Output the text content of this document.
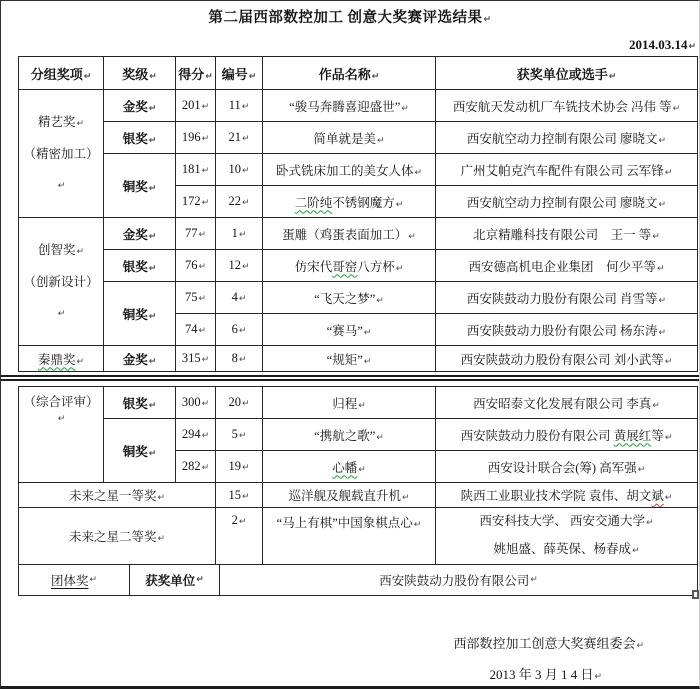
第二届西部数控加工 创意大奖赛评选结果↵
2014.03.14↵
分组奖项↵	奖级↵	得分↵	编号↵	作品名称↵	获奖单位或选手↵

精艺奖↵
（精密加工）↵	金奖↵	201↵	11↵	“骏马奔腾喜迎盛世”↵	西安航天发动机厂车铣技术协会 冯伟 等↵
	银奖↵	196↵	21↵	简单就是美↵	西安航空动力控制有限公司 廖晓文↵
	铜奖↵	181↵	10↵	卧式铣床加工的美女人体↵	广州艾帕克汽车配件有限公司 云军锋↵
		172↵	22↵	二阶纯不锈钢魔方↵	西安航空动力控制有限公司 廖晓文↵

创智奖↵
（创新设计）↵	金奖↵	77↵	1↵	蛋雕（鸡蛋表面加工）↵	北京精雕科技有限公司　王一 等↵
	银奖↵	76↵	12↵	仿宋代哥窑八方杯↵	西安德高机电企业集团　何少平等↵
	铜奖↵	75↵	4↵	“飞天之梦”↵	西安陕鼓动力股份有限公司 肖雪等↵
		74↵	6↵	“赛马”↵	西安陕鼓动力股份有限公司 杨东涛↵
秦鼎奖↵	金奖↵	315↵	8↵	“规矩”↵	西安陕鼓动力股份有限公司 刘小武等↵
（综合评审）↵	银奖↵	300↵	20↵	归程↵	西安昭泰文化发展有限公司 李真↵
	铜奖↵	294↵	5↵	“携航之歌”↵	西安陕鼓动力股份有限公司 黄展红等↵
		282↵	19↵	心幡↵	西安设计联合会(筹) 高军强↵
未来之星一等奖↵			15↵	巡洋舰及舰载直升机↵	陕西工业职业技术学院 袁伟、胡文斌↵
未来之星二等奖↵			2↵	“马上有棋”中国象棋点心↵	西安科技大学、 西安交通大学↵
姚旭盛、薛英保、杨春成↵

团体奖 ↵	获奖单位 ↵	西安陕鼓动力股份有限公司 ↵
西部数控加工创意大奖赛组委会↵
2013 年 3 月 1 4 日↵
